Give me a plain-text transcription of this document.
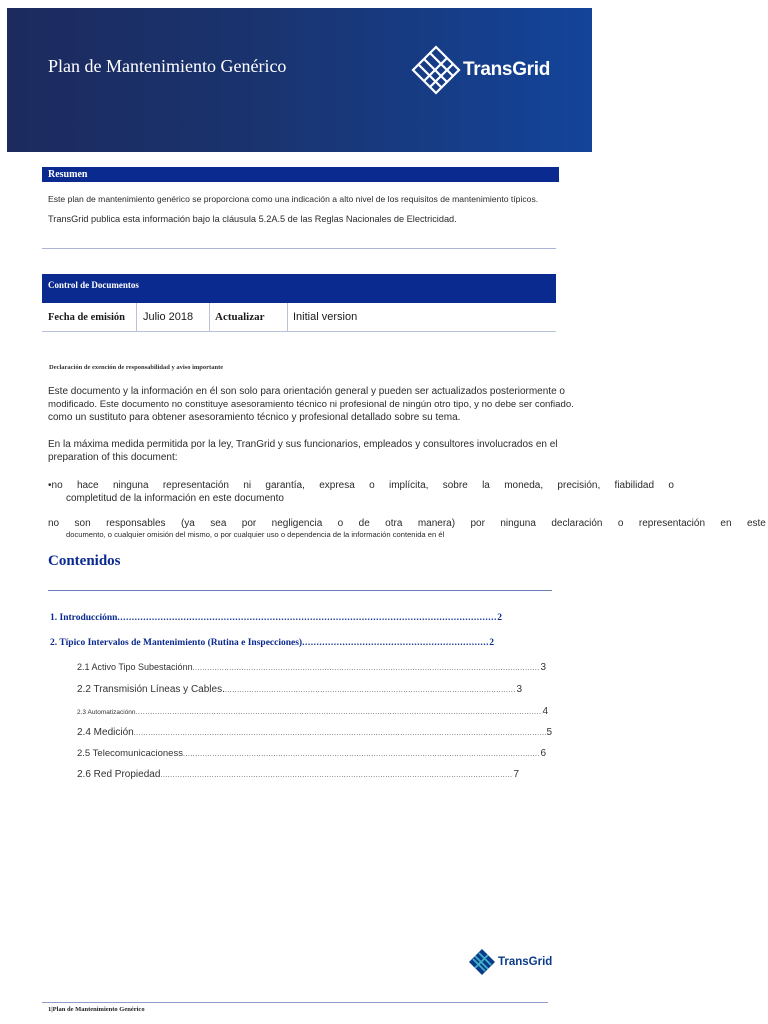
Plan de Mantenimiento Genérico	TransGrid
Resumen
Este plan de mantenimiento genérico se proporciona como una indicación a alto nivel de los requisitos de mantenimiento típicos.
TransGrid publica esta información bajo la cláusula 5.2A.5 de las Reglas Nacionales de Electricidad.
Control de Documentos
Fecha de emisión	Julio 2018	Actualizar	Initial version
Declaración de exención de responsabilidad y aviso importante
Este documento y la información en él son solo para orientación general y pueden ser actualizados posteriormente o
modificado. Este documento no constituye asesoramiento técnico ni profesional de ningún otro tipo, y no debe ser confiado.
como un sustituto para obtener asesoramiento técnico y profesional detallado sobre su tema.
En la máxima medida permitida por la ley, TranGrid y sus funcionarios, empleados y consultores involucrados en el
preparation of this document:
•no hace ninguna representación ni garantía, expresa o implícita, sobre la moneda, precisión, fiabilidad o
completitud de la información en este documento
no son responsables (ya sea por negligencia o de otra manera) por ninguna declaración o representación en este
documento, o cualquier omisión del mismo, o por cualquier uso o dependencia de la información contenida en él
Contenidos
1. Introducciónn .....	2
2. Típico Intervalos de Mantenimiento (Rutina e Inspecciones) .....	2
2.1 Activo Tipo Subestaciónn .....	3
2.2 Transmisión Líneas y Cables. .....	3
2.3 Automatizaciónn .....	4
2.4 Medición .....	5
2.5 Telecomunicacioness .....	6
2.6 Red Propiedad .....	7
TransGrid
1|Plan de Mantenimiento Genérico
